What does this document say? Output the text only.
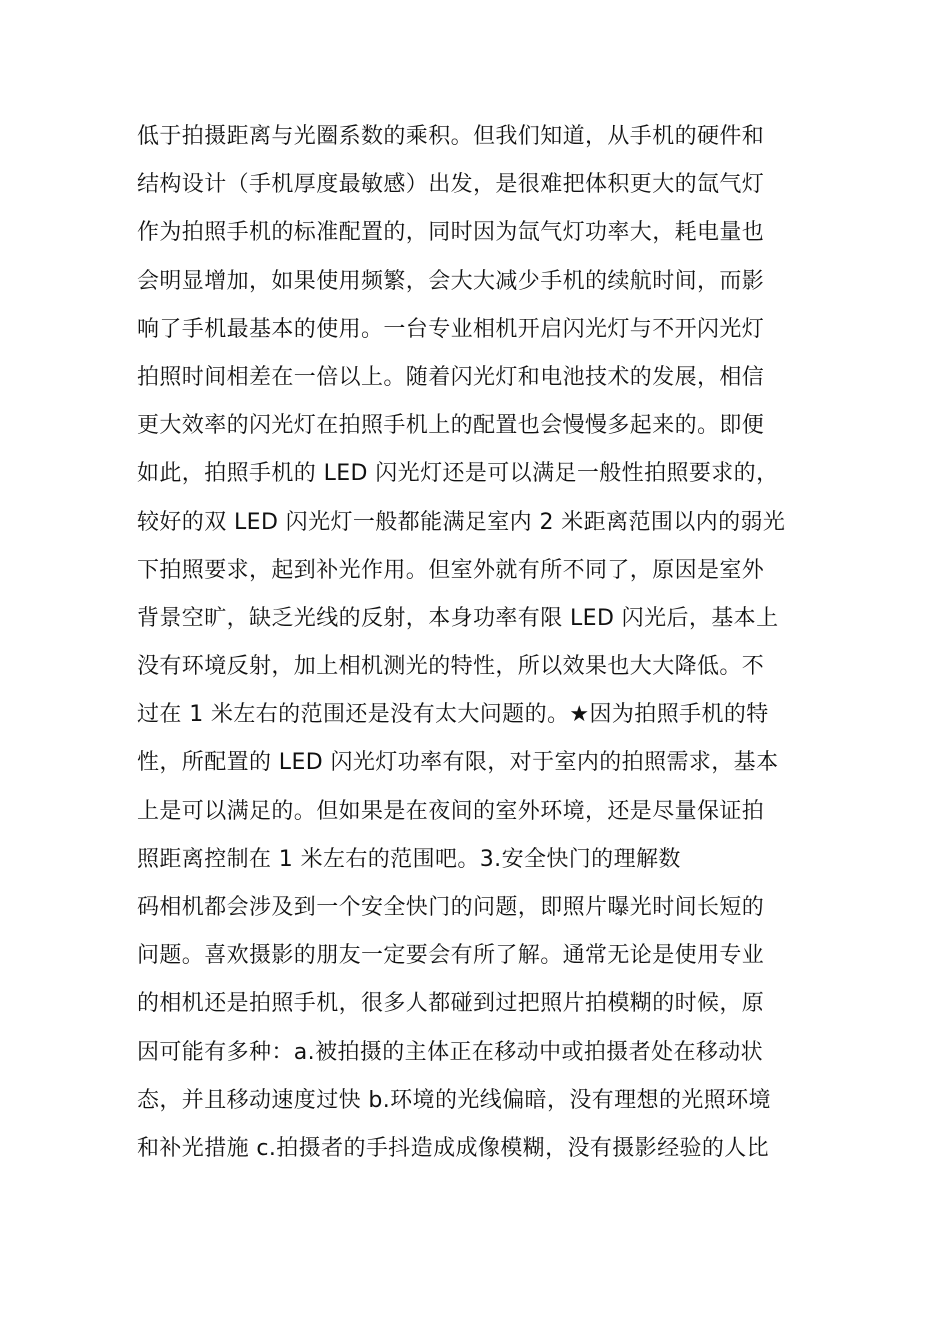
低于拍摄距离与光圈系数的乘积。但我们知道，从手机的硬件和
结构设计（手机厚度最敏感）出发，是很难把体积更大的氙气灯
作为拍照手机的标准配置的，同时因为氙气灯功率大，耗电量也
会明显增加，如果使用频繁，会大大减少手机的续航时间，而影
响了手机最基本的使用。一台专业相机开启闪光灯与不开闪光灯
拍照时间相差在一倍以上。随着闪光灯和电池技术的发展，相信
更大效率的闪光灯在拍照手机上的配置也会慢慢多起来的。即便
如此，拍照手机的 LED 闪光灯还是可以满足一般性拍照要求的，
较好的双 LED 闪光灯一般都能满足室内 2 米距离范围以内的弱光
下拍照要求，起到补光作用。但室外就有所不同了，原因是室外
背景空旷，缺乏光线的反射，本身功率有限 LED 闪光后，基本上
没有环境反射，加上相机测光的特性，所以效果也大大降低。不
过在 1 米左右的范围还是没有太大问题的。★因为拍照手机的特
性，所配置的 LED 闪光灯功率有限，对于室内的拍照需求，基本
上是可以满足的。但如果是在夜间的室外环境，还是尽量保证拍
照距离控制在 1 米左右的范围吧。3.安全快门的理解数
码相机都会涉及到一个安全快门的问题，即照片曝光时间长短的
问题。喜欢摄影的朋友一定要会有所了解。通常无论是使用专业
的相机还是拍照手机，很多人都碰到过把照片拍模糊的时候，原
因可能有多种：a.被拍摄的主体正在移动中或拍摄者处在移动状
态，并且移动速度过快 b.环境的光线偏暗，没有理想的光照环境
和补光措施 c.拍摄者的手抖造成成像模糊，没有摄影经验的人比
